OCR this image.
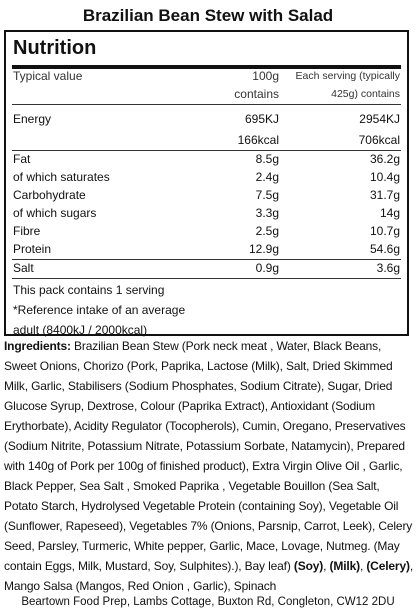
Brazilian Bean Stew with Salad
Nutrition
Typical value	100g
contains
Each serving (typically
425g) contains
Energy	695KJ	2954KJ
166kcal	706kcal
Fat	8.5g	36.2g
of which saturates	2.4g	10.4g
Carbohydrate	7.5g	31.7g
of which sugars	3.3g	14g
Fibre	2.5g	10.7g
Protein	12.9g	54.6g
Salt	0.9g	3.6g
This pack contains 1 serving
*Reference intake of an average
adult (8400kJ / 2000kcal)
Ingredients: Brazilian Bean Stew (Pork neck meat , Water, Black Beans, Sweet Onions, Chorizo (Pork, Paprika, Lactose (Milk), Salt, Dried Skimmed Milk, Garlic, Stabilisers (Sodium Phosphates, Sodium Citrate), Sugar, Dried Glucose Syrup, Dextrose, Colour (Paprika Extract), Antioxidant (Sodium Erythorbate), Acidity Regulator (Tocopherols), Cumin, Oregano, Preservatives (Sodium Nitrite, Potassium Nitrate, Potassium Sorbate, Natamycin), Prepared with 140g of Pork per 100g of finished product), Extra Virgin Olive Oil , Garlic, Black Pepper, Sea Salt , Smoked Paprika , Vegetable Bouillon (Sea Salt, Potato Starch, Hydrolysed Vegetable Protein (containing Soy), Vegetable Oil (Sunflower, Rapeseed), Vegetables 7% (Onions, Parsnip, Carrot, Leek), Celery Seed, Parsley, Turmeric, White pepper, Garlic, Mace, Lovage, Nutmeg. (May contain Eggs, Milk, Mustard, Soy, Sulphites).), Bay leaf) (Soy), (Milk), (Celery), Mango Salsa (Mangos, Red Onion , Garlic), Spinach
Beartown Food Prep, Lambs Cottage, Buxton Rd, Congleton, CW12 2DU
